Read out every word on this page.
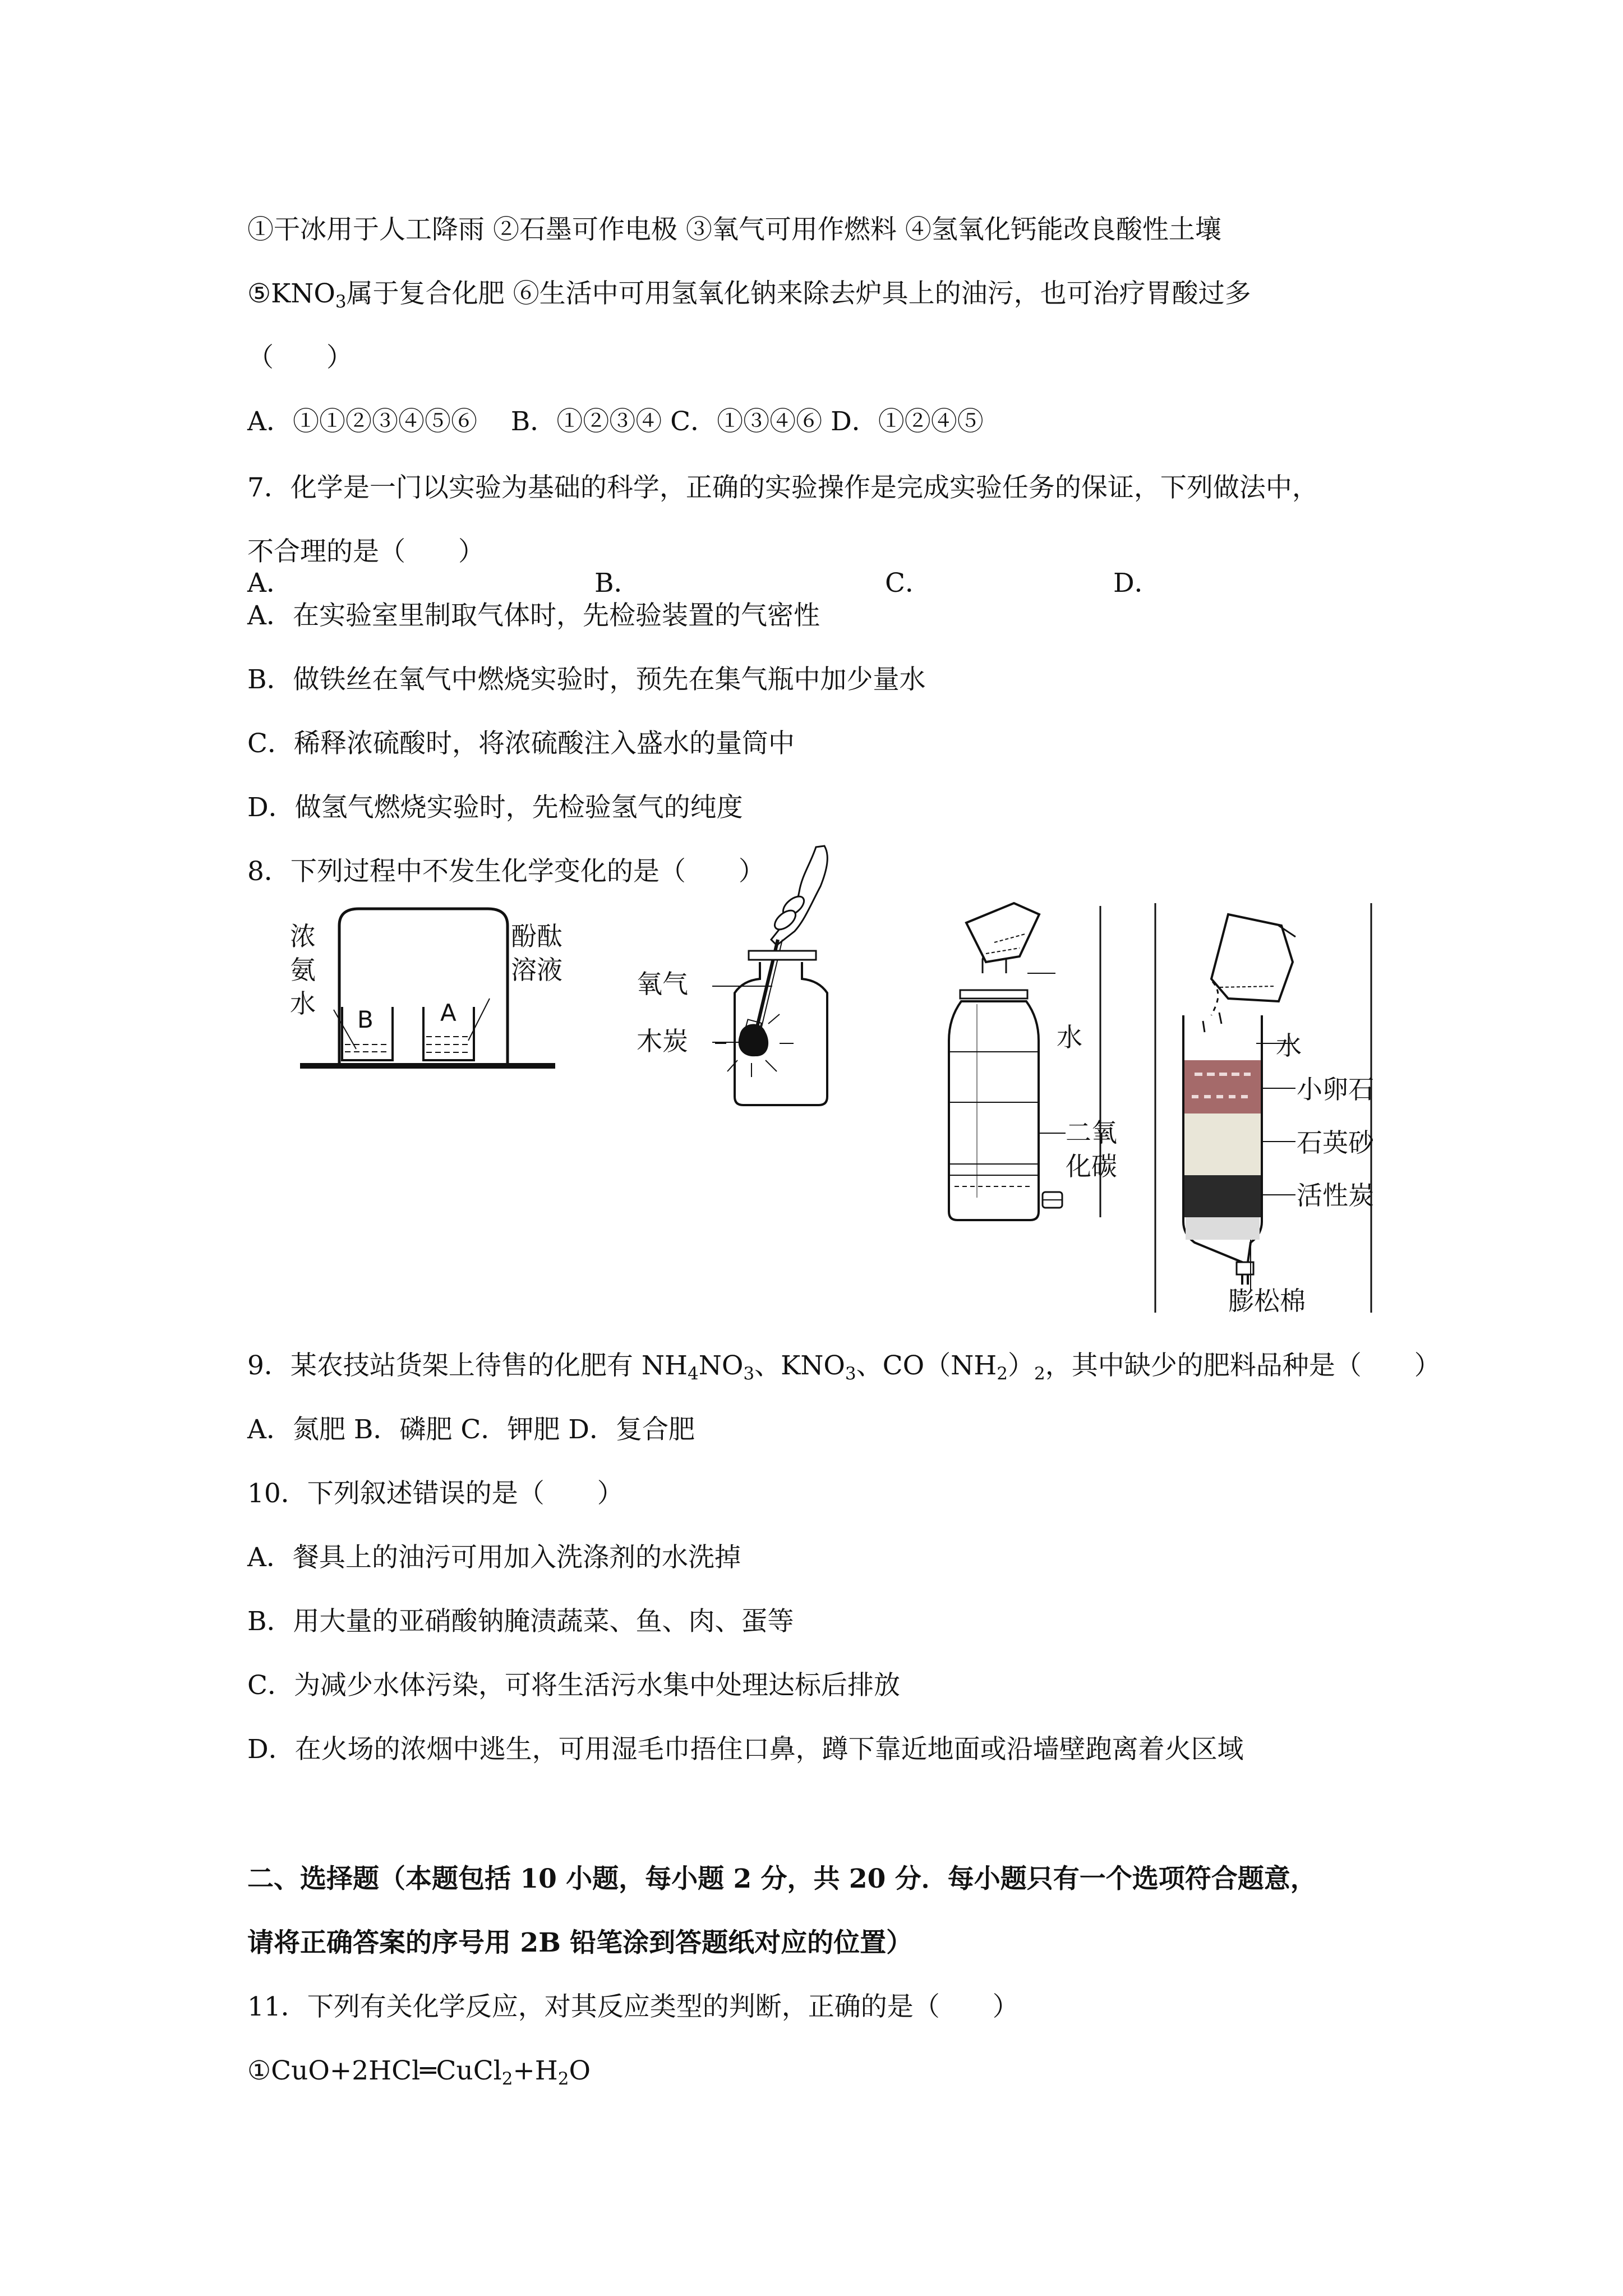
①干冰用于人工降雨 ②石墨可作电极 ③氧气可用作燃料 ④氢氧化钙能改良酸性土壤
$⑤KNO_3$属于复合化肥 ⑥生活中可用氢氧化钠来除去炉具上的油污，也可治疗胃酸过多
（　　）
A．①①②③④⑤⑥    B．①②③④ C．①③④⑥ D．①②④⑤
7．化学是一门以实验为基础的科学，正确的实验操作是完成实验任务的保证，下列做法中，
不合理的是（　　）
A．在实验室里制取气体时，先检验装置的气密性
B．做铁丝在氧气中燃烧实验时，预先在集气瓶中加少量水
C．稀释浓硫酸时，将浓硫酸注入盛水的量筒中
D．做氢气燃烧实验时，先检验氢气的纯度
8．下列过程中不发生化学变化的是（　　）
A．	B．	C．	D．
B	A
浓
氨
水
酚酞
溶液	氧气
木炭	水
二氧
化碳
水
小卵石
石英砂
活性炭
膨松棉
9．某农技站货架上待售的化肥有 $NH_4NO_3$、$KNO_3$、$CO(NH_2)_2$，其中缺少的肥料品种是（　　）
A．氮肥 B．磷肥 C．钾肥 D．复合肥
10．下列叙述错误的是（　　）
A．餐具上的油污可用加入洗涤剂的水洗掉
B．用大量的亚硝酸钠腌渍蔬菜、鱼、肉、蛋等
C．为减少水体污染，可将生活污水集中处理达标后排放
D．在火场的浓烟中逃生，可用湿毛巾捂住口鼻，蹲下靠近地面或沿墙壁跑离着火区域
二、选择题（本题包括 10 小题，每小题 2 分，共 20 分．每小题只有一个选项符合题意，
请将正确答案的序号用 2B 铅笔涂到答题纸对应的位置）
11．下列有关化学反应，对其反应类型的判断，正确的是（　　）
$①CuO+2HCl═CuCl_2+H_2O$
